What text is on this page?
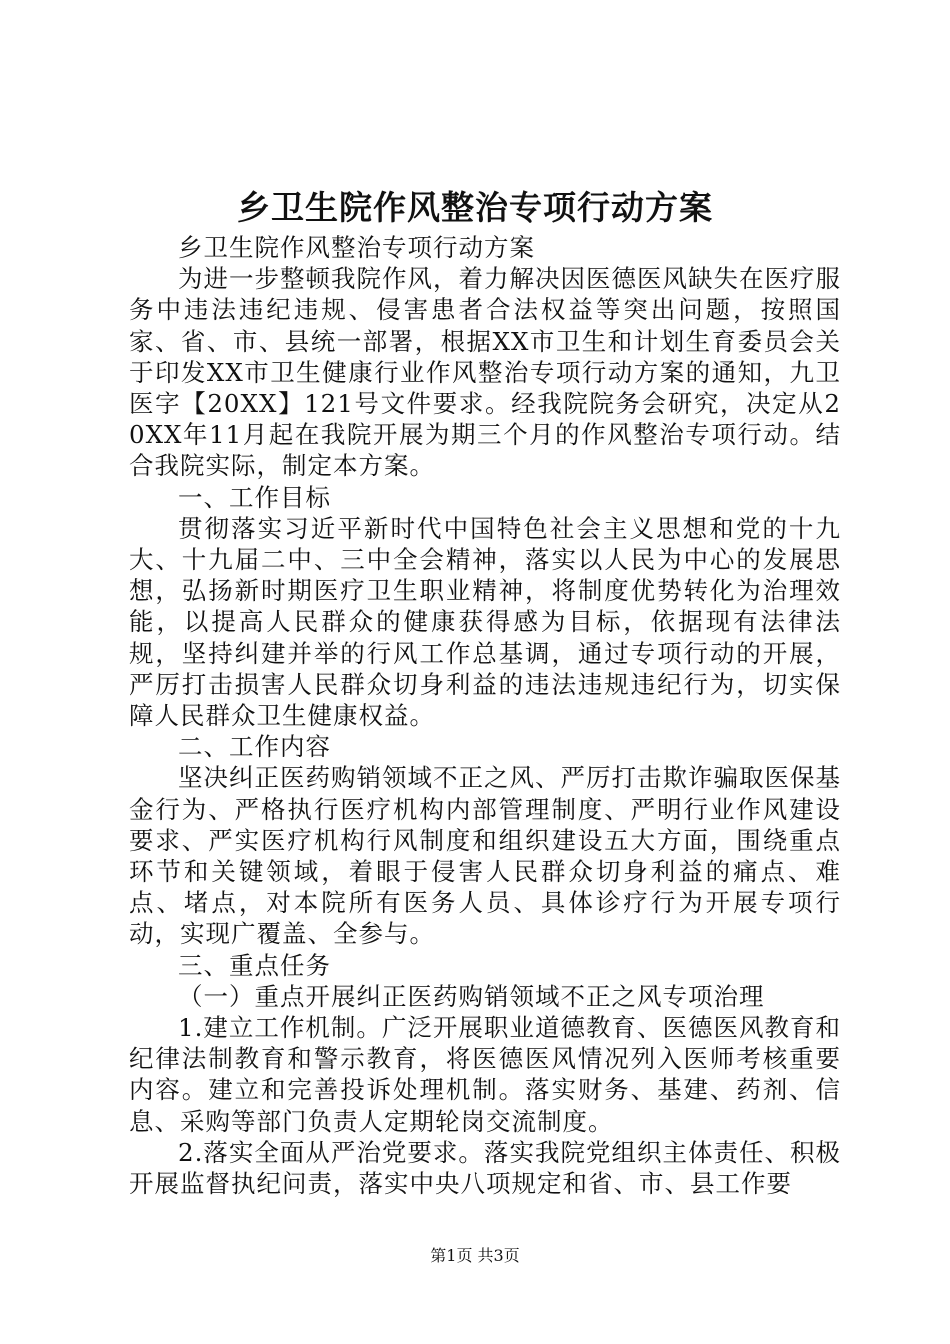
乡卫生院作风整治专项行动方案

乡卫生院作风整治专项行动方案

为进一步整顿我院作风，着力解决因医德医风缺失在医疗服务中违法违纪违规、侵害患者合法权益等突出问题，按照国家、省、市、县统一部署，根据XX市卫生和计划生育委员会关于印发XX市卫生健康行业作风整治专项行动方案的通知，九卫医字【20XX】121号文件要求。经我院院务会研究，决定从20XX年11月起在我院开展为期三个月的作风整治专项行动。结合我院实际，制定本方案。

一、工作目标

贯彻落实习近平新时代中国特色社会主义思想和党的十九大、十九届二中、三中全会精神，落实以人民为中心的发展思想，弘扬新时期医疗卫生职业精神，将制度优势转化为治理效能，以提高人民群众的健康获得感为目标，依据现有法律法规，坚持纠建并举的行风工作总基调，通过专项行动的开展，严厉打击损害人民群众切身利益的违法违规违纪行为，切实保障人民群众卫生健康权益。

二、工作内容

坚决纠正医药购销领域不正之风、严厉打击欺诈骗取医保基金行为、严格执行医疗机构内部管理制度、严明行业作风建设要求、严实医疗机构行风制度和组织建设五大方面，围绕重点环节和关键领域，着眼于侵害人民群众切身利益的痛点、难点、堵点，对本院所有医务人员、具体诊疗行为开展专项行动，实现广覆盖、全参与。

三、重点任务

（一）重点开展纠正医药购销领域不正之风专项治理

1.建立工作机制。广泛开展职业道德教育、医德医风教育和纪律法制教育和警示教育，将医德医风情况列入医师考核重要内容。建立和完善投诉处理机制。落实财务、基建、药剂、信息、采购等部门负责人定期轮岗交流制度。

2.落实全面从严治党要求。落实我院党组织主体责任、积极开展监督执纪问责，落实中央八项规定和省、市、县工作要

第1页 共3页
